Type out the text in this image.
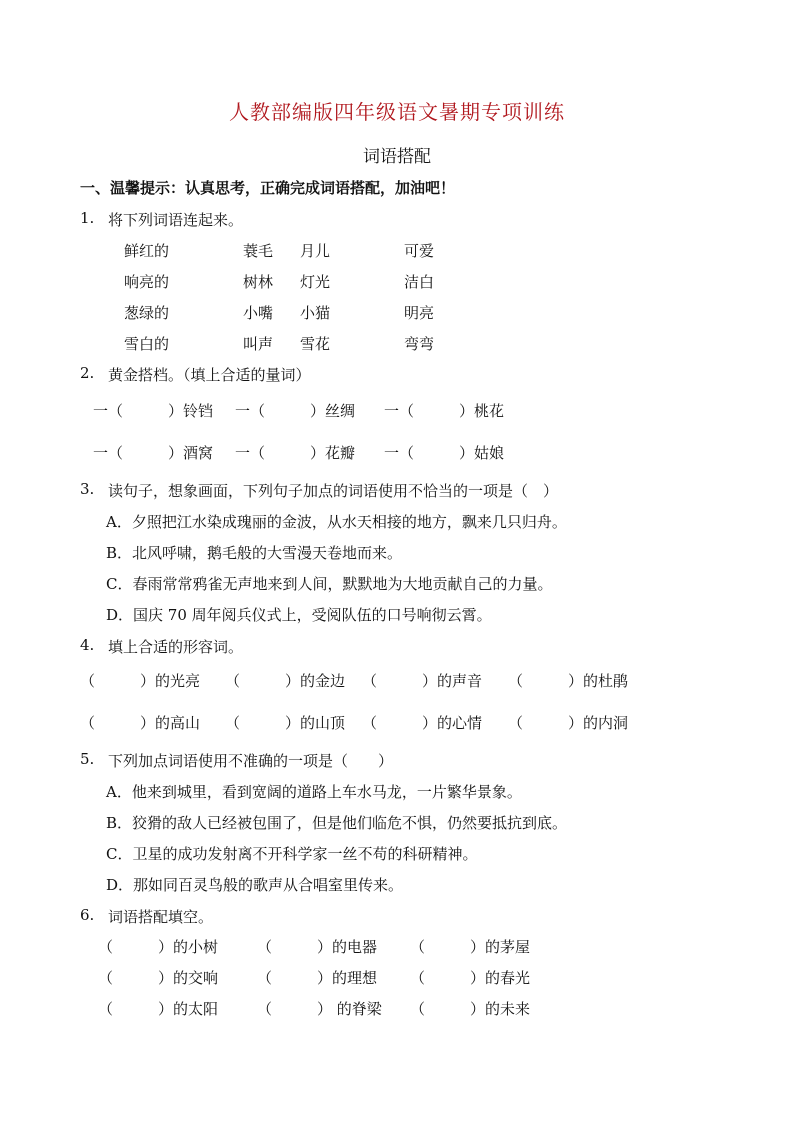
人教部编版四年级语文暑期专项训练
词语搭配
一、温馨提示：认真思考，正确完成词语搭配，加油吧！
1. 将下列词语连起来。
鲜红的	蓑毛 月儿	可爱
响亮的	树林 灯光	洁白
葱绿的	小嘴 小猫	明亮
雪白的	叫声 雪花	弯弯
2. 黄金搭档。（填上合适的量词）
一（　　　）铃铛 一（　　　）丝绸 一（　　　）桃花
一（　　　）酒窝 一（　　　）花瓣 一（　　　）姑娘
3. 读句子，想象画面，下列句子加点的词语使用不恰当的一项是（　）
A．夕照把江水染成瑰丽的金波，从水天相接的地方，飘来几只归舟。
B．北风呼啸，鹅毛般的大雪漫天卷地而来。
C．春雨常常鸦雀无声地来到人间，默默地为大地贡献自己的力量。
D．国庆 70 周年阅兵仪式上，受阅队伍的口号响彻云霄。
4. 填上合适的形容词。
（　　　）的光亮 （　　　）的金边 （　　　）的声音 （　　　）的杜鹃
（　　　）的高山 （　　　）的山顶 （　　　）的心情 （　　　）的内洞
5. 下列加点词语使用不准确的一项是（　　）
A．他来到城里，看到宽阔的道路上车水马龙，一片繁华景象。
B．狡猾的敌人已经被包围了，但是他们临危不惧，仍然要抵抗到底。
C．卫星的成功发射离不开科学家一丝不苟的科研精神。
D．那如同百灵鸟般的歌声从合唱室里传来。
6. 词语搭配填空。
（　　　）的小树	（　　　）的电器 （　　　）的茅屋
（　　　）的交响	（　　　）的理想 （　　　）的春光
（　　　）的太阳	（　　　） 的脊梁 （　　　）的未来
